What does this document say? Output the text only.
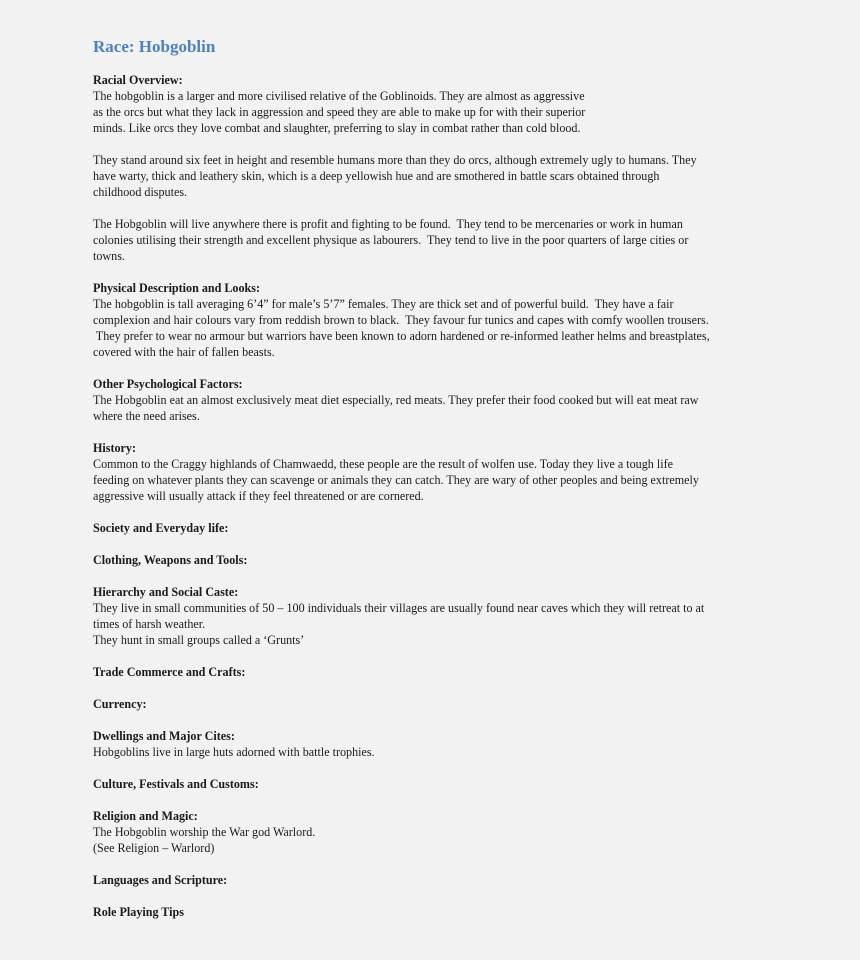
Race: Hobgoblin
Racial Overview:
The hobgoblin is a larger and more civilised relative of the Goblinoids. They are almost as aggressive
as the orcs but what they lack in aggression and speed they are able to make up for with their superior
minds. Like orcs they love combat and slaughter, preferring to slay in combat rather than cold blood.
They stand around six feet in height and resemble humans more than they do orcs, although extremely ugly to humans. They
have warty, thick and leathery skin, which is a deep yellowish hue and are smothered in battle scars obtained through
childhood disputes.
The Hobgoblin will live anywhere there is profit and fighting to be found.  They tend to be mercenaries or work in human
colonies utilising their strength and excellent physique as labourers.  They tend to live in the poor quarters of large cities or
towns.
Physical Description and Looks:
The hobgoblin is tall averaging 6’4” for male’s 5’7” females. They are thick set and of powerful build.  They have a fair
complexion and hair colours vary from reddish brown to black.  They favour fur tunics and capes with comfy woollen trousers.
They prefer to wear no armour but warriors have been known to adorn hardened or re-informed leather helms and breastplates,
covered with the hair of fallen beasts.
Other Psychological Factors:
The Hobgoblin eat an almost exclusively meat diet especially, red meats. They prefer their food cooked but will eat meat raw
where the need arises.
History:
Common to the Craggy highlands of Chamwaedd, these people are the result of wolfen use. Today they live a tough life
feeding on whatever plants they can scavenge or animals they can catch. They are wary of other peoples and being extremely
aggressive will usually attack if they feel threatened or are cornered.
Society and Everyday life:
Clothing, Weapons and Tools:
Hierarchy and Social Caste:
They live in small communities of 50 – 100 individuals their villages are usually found near caves which they will retreat to at
times of harsh weather.
They hunt in small groups called a ‘Grunts’
Trade Commerce and Crafts:
Currency:
Dwellings and Major Cites:
Hobgoblins live in large huts adorned with battle trophies.
Culture, Festivals and Customs:
Religion and Magic:
The Hobgoblin worship the War god Warlord.
(See Religion – Warlord)
Languages and Scripture:
Role Playing Tips
